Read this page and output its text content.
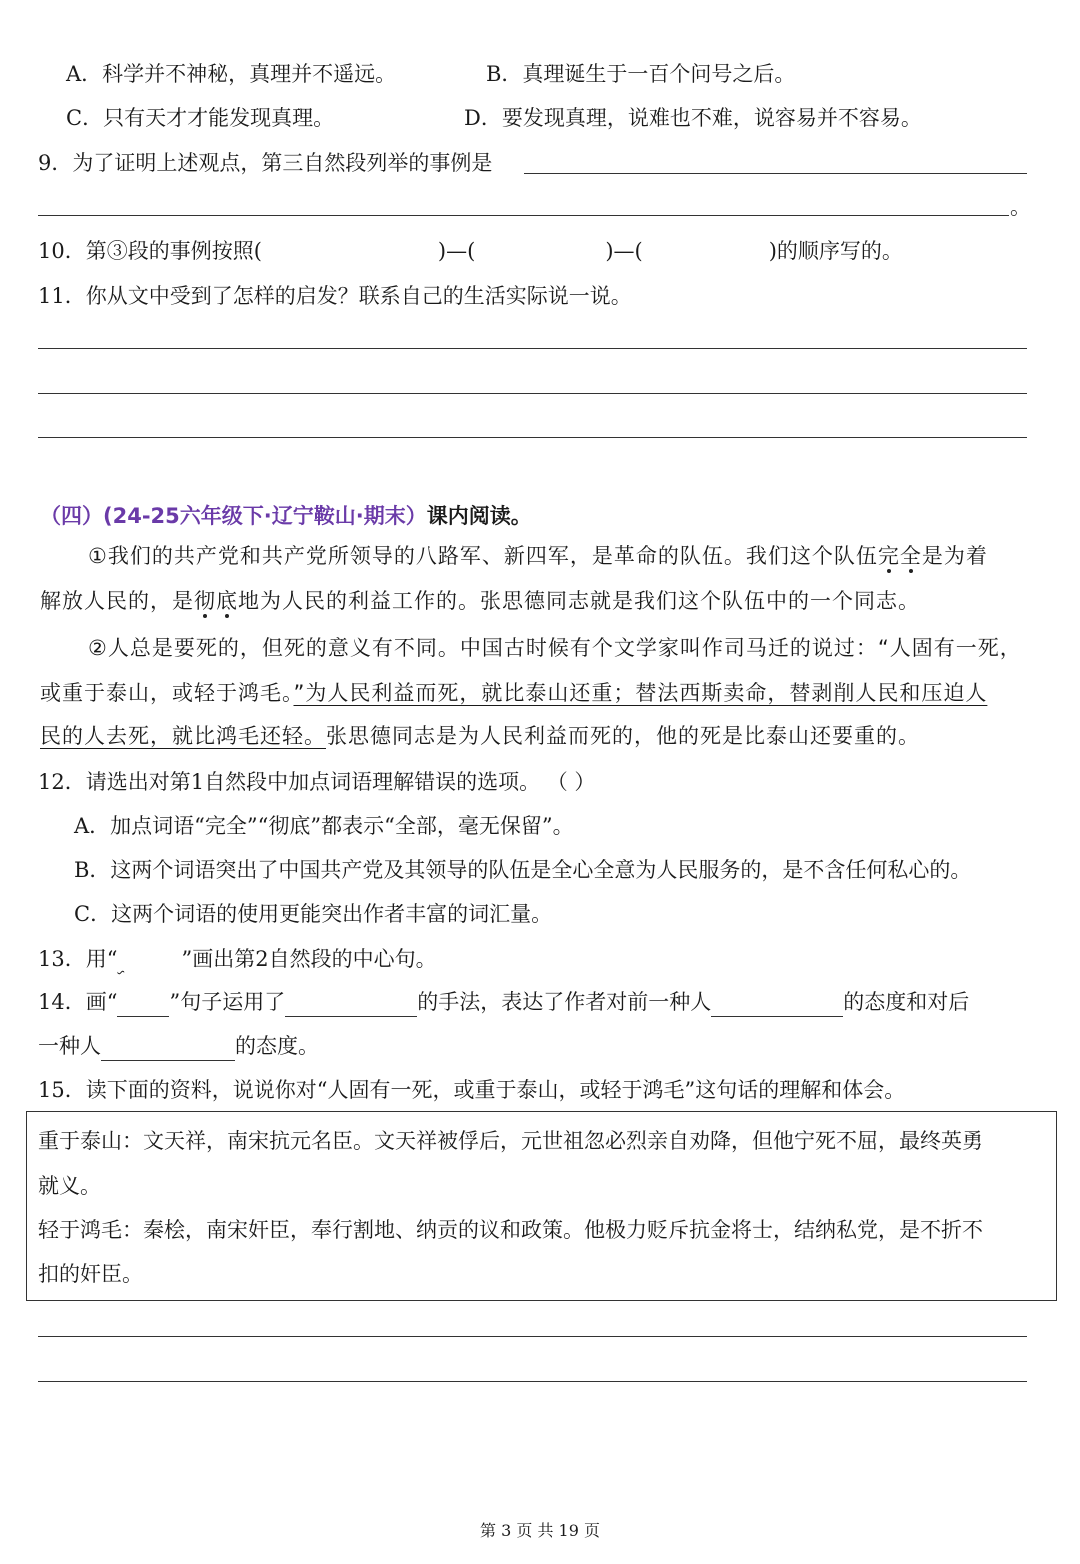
A．科学并不神秘，真理并不遥远。	B．真理诞生于一百个问号之后。
C．只有天才才能发现真理。	D．要发现真理，说难也不难，说容易并不容易。
9．为了证明上述观点，第三自然段列举的事例是
。
10．第③段的事例按照(	)—(	)—(	)的顺序写的。
11．你从文中受到了怎样的启发？联系自己的生活实际说一说。
（四）(24-25六年级下·辽宁鞍山·期末）课内阅读。
①我们的共产党和共产党所领导的八路军、新四军，是革命的队伍。我们这个队伍完全是为着
解放人民的，是彻底地为人民的利益工作的。张思德同志就是我们这个队伍中的一个同志。
②人总是要死的，但死的意义有不同。中国古时候有个文学家叫作司马迁的说过：“人固有一死，
或重于泰山，或轻于鸿毛。”为人民利益而死，就比泰山还重；替法西斯卖命，替剥削人民和压迫人
民的人去死，就比鸿毛还轻。张思德同志是为人民利益而死的，他的死是比泰山还要重的。
12．请选出对第1自然段中加点词语理解错误的选项。 （ ）
A．加点词语“完全”“彻底”都表示“全部，毫无保留”。
B．这两个词语突出了中国共产党及其领导的队伍是全心全意为人民服务的，是不含任何私心的。
C．这两个词语的使用更能突出作者丰富的词汇量。
13．用“	”画出第2自然段的中心句。
14．画“ ”句子运用了	的手法，表达了作者对前一种人	的态度和对后
一种人	的态度。
15．读下面的资料，说说你对“人固有一死，或重于泰山，或轻于鸿毛”这句话的理解和体会。
重于泰山：文天祥，南宋抗元名臣。文天祥被俘后，元世祖忽必烈亲自劝降，但他宁死不屈，最终英勇
就义。
轻于鸿毛：秦桧，南宋奸臣，奉行割地、纳贡的议和政策。他极力贬斥抗金将士，结纳私党，是不折不
扣的奸臣。
第 3 页 共 19 页
